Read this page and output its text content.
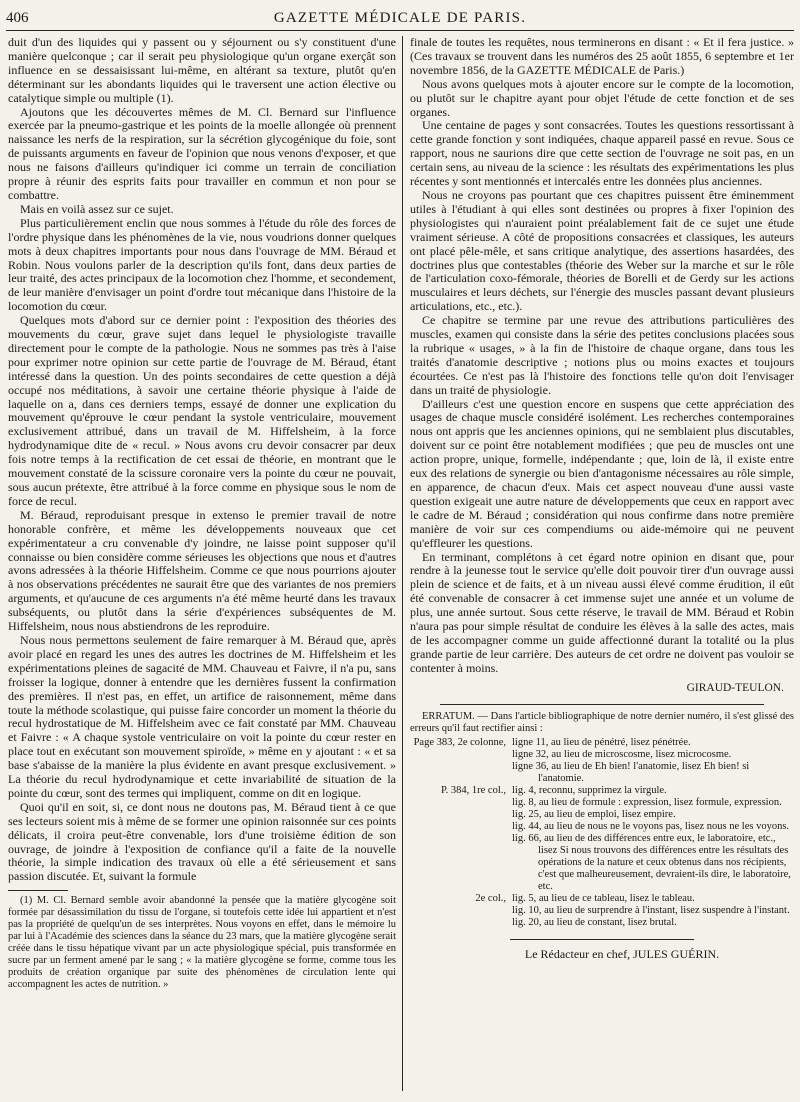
406	GAZETTE MÉDICALE DE PARIS.

duit d'un des liquides qui y passent ou y séjournent ou s'y constituent d'une manière quelconque ; car il serait peu physiologique qu'un organe exerçât son influence en se dessaisissant lui-même, en altérant sa texture, plutôt qu'en déterminant sur les abondants liquides qui le traversent une action élective ou catalytique simple ou multiple (1).

Ajoutons que les découvertes mêmes de M. Cl. Bernard sur l'influence exercée par la pneumo-gastrique et les points de la moelle allongée où prennent naissance les nerfs de la respiration, sur la sécrétion glycogénique du foie, sont de puissants arguments en faveur de l'opinion que nous venons d'exposer, et que nous ne faisons d'ailleurs qu'indiquer ici comme un terrain de conciliation propre à réunir des esprits faits pour travailler en commun et non pour se combattre.

Mais en voilà assez sur ce sujet.

Plus particulièrement enclin que nous sommes à l'étude du rôle des forces de l'ordre physique dans les phénomènes de la vie, nous voudrions donner quelques mots à deux chapitres importants pour nous dans l'ouvrage de MM. Béraud et Robin. Nous voulons parler de la description qu'ils font, dans deux parties de leur traité, des actes principaux de la locomotion chez l'homme, et secondement, de leur manière d'envisager un point d'ordre tout mécanique dans l'histoire de la locomotion du cœur.

Quelques mots d'abord sur ce dernier point : l'exposition des théories des mouvements du cœur, grave sujet dans lequel le physiologiste travaille directement pour le compte de la pathologie. Nous ne sommes pas très à l'aise pour exprimer notre opinion sur cette partie de l'ouvrage de M. Béraud, étant intéressé dans la question. Un des points secondaires de cette question a déjà occupé nos méditations, à savoir une certaine théorie physique à l'aide de laquelle on a, dans ces derniers temps, essayé de donner une explication du mouvement qu'éprouve le cœur pendant la systole ventriculaire, mouvement exclusivement attribué, dans un travail de M. Hiffelsheim, à la force hydrodynamique dite de « recul. » Nous avons cru devoir consacrer par deux fois notre temps à la rectification de cet essai de théorie, en montrant que le mouvement constaté de la scissure coronaire vers la pointe du cœur ne pouvait, sous aucun prétexte, être attribué à la force comme en physique sous le nom de force de recul.

M. Béraud, reproduisant presque in extenso le premier travail de notre honorable confrère, et même les développements nouveaux que cet expérimentateur a cru convenable d'y joindre, ne laisse point supposer qu'il connaisse ou bien considère comme sérieuses les objections que nous et d'autres avons adressées à la théorie Hiffelsheim. Comme ce que nous pourrions ajouter à nos observations précédentes ne saurait être que des variantes de nos premiers arguments, et qu'aucune de ces arguments n'a été même heurté dans les travaux subséquents, ou plutôt dans la série d'expériences subséquentes de M. Hiffelsheim, nous nous abstiendrons de les reproduire.

Nous nous permettons seulement de faire remarquer à M. Béraud que, après avoir placé en regard les unes des autres les doctrines de M. Hiffelsheim et les expérimentations pleines de sagacité de MM. Chauveau et Faivre, il n'a pu, sans froisser la logique, donner à entendre que les dernières fussent la confirmation des premières. Il n'est pas, en effet, un artifice de raisonnement, même dans toute la méthode scolastique, qui puisse faire concorder un moment la théorie du recul hydrostatique de M. Hiffelsheim avec ce fait constaté par MM. Chauveau et Faivre : « A chaque systole ventriculaire on voit la pointe du cœur rester en place tout en exécutant son mouvement spiroïde, » même en y ajoutant : « et sa base s'abaisse de la manière la plus évidente en avant presque exclusivement. » La théorie du recul hydrodynamique et cette invariabilité de situation de la pointe du cœur, sont des termes qui impliquent, comme on dit en logique.

Quoi qu'il en soit, si, ce dont nous ne doutons pas, M. Béraud tient à ce que ses lecteurs soient mis à même de se former une opinion raisonnée sur ces points délicats, il croira peut-être convenable, lors d'une troisième édition de son ouvrage, de joindre à l'exposition de confiance qu'il a faite de la nouvelle théorie, la simple indication des travaux où elle a été sérieusement et sans passion discutée. Et, suivant la formule

(1) M. Cl. Bernard semble avoir abandonné la pensée que la matière glycogène soit formée par désassimilation du tissu de l'organe, si toutefois cette idée lui appartient et n'est pas la propriété de quelqu'un de ses interprètes. Nous voyons en effet, dans le mémoire lu par lui à l'Académie des sciences dans la séance du 23 mars, que la matière glycogène serait créée dans le tissu hépatique vivant par un acte physiologique spécial, puis transformée en sucre par un ferment amené par le sang ; « la matière glycogène se forme, comme tous les produits de création organique par suite des phénomènes de circulation lente qui accompagnent les actes de nutrition. »

finale de toutes les requêtes, nous terminerons en disant : « Et il fera justice. » (Ces travaux se trouvent dans les numéros des 25 août 1855, 6 septembre et 1er novembre 1856, de la GAZETTE MÉDICALE de Paris.)

Nous avons quelques mots à ajouter encore sur le compte de la locomotion, ou plutôt sur le chapitre ayant pour objet l'étude de cette fonction et de ses organes.

Une centaine de pages y sont consacrées. Toutes les questions ressortissant à cette grande fonction y sont indiquées, chaque appareil passé en revue. Sous ce rapport, nous ne saurions dire que cette section de l'ouvrage ne soit pas, en un certain sens, au niveau de la science : les résultats des expérimentations les plus récentes y sont mentionnés et intercalés entre les données plus anciennes.

Nous ne croyons pas pourtant que ces chapitres puissent être éminemment utiles à l'étudiant à qui elles sont destinées ou propres à fixer l'opinion des physiologistes qui n'auraient point préalablement fait de ce sujet une étude vraiment sérieuse. A côté de propositions consacrées et classiques, les auteurs ont placé pêle-mêle, et sans critique analytique, des assertions hasardées, des doctrines plus que contestables (théorie des Weber sur la marche et sur le rôle de l'articulation coxo-fémorale, théories de Borelli et de Gerdy sur les actions musculaires et leurs déchets, sur l'énergie des muscles passant devant plusieurs articulations, etc., etc.).

Ce chapitre se termine par une revue des attributions particulières des muscles, examen qui consiste dans la série des petites conclusions placées sous la rubrique « usages, » à la fin de l'histoire de chaque organe, dans tous les traités d'anatomie descriptive ; notions plus ou moins exactes et toujours écourtées. Ce n'est pas là l'histoire des fonctions telle qu'on doit l'envisager dans un traité de physiologie.

D'ailleurs c'est une question encore en suspens que cette appréciation des usages de chaque muscle considéré isolément. Les recherches contemporaines nous ont appris que les anciennes opinions, qui ne semblaient plus discutables, doivent sur ce point être notablement modifiées ; que peu de muscles ont une action propre, unique, formelle, indépendante ; que, loin de là, il existe entre eux des relations de synergie ou bien d'antagonisme nécessaires au rôle simple, en apparence, de chacun d'eux. Mais cet aspect nouveau d'une aussi vaste question exigeait une autre nature de développements que ceux en rapport avec le cadre de M. Béraud ; considération qui nous confirme dans notre première manière de voir sur ces compendiums ou aide-mémoire qui ne peuvent qu'effleurer les questions.

En terminant, complétons à cet égard notre opinion en disant que, pour rendre à la jeunesse tout le service qu'elle doit pouvoir tirer d'un ouvrage aussi plein de science et de faits, et à un niveau aussi élevé comme érudition, il eût été convenable de consacrer à cet immense sujet une année et un volume de plus, une année surtout. Sous cette réserve, le travail de MM. Béraud et Robin n'aura pas pour simple résultat de conduire les élèves à la salle des actes, mais de les accompagner comme un guide affectionné durant la totalité ou la plus grande partie de leur carrière. Des auteurs de cet ordre ne doivent pas vouloir se contenter à moins.

GIRAUD-TEULON.

ERRATUM. — Dans l'article bibliographique de notre dernier numéro, il s'est glissé des erreurs qu'il faut rectifier ainsi :

Page 383, 2e colonne, ligne 11, au lieu de pénétré, lisez pénétrée.
ligne 32, au lieu de microscosme, lisez microcosme.
ligne 36, au lieu de Eh bien! l'anatomie, lisez Eh bien! si l'anatomie.
P. 384, 1re col., lig. 4, reconnu, supprimez la virgule.
lig. 8, au lieu de formule : expression, lisez formule, expression.
lig. 25, au lieu de emploi, lisez empire.
lig. 44, au lieu de nous ne le voyons pas, lisez nous ne les voyons.
lig. 66, au lieu de des différences entre eux, le laboratoire, etc., lisez Si nous trouvons des différences entre les résultats des opérations de la nature et ceux obtenus dans nos récipients, c'est que malheureusement, devraient-ils dire, le laboratoire, etc.
2e col., lig. 5, au lieu de ce tableau, lisez le tableau.
lig. 10, au lieu de surprendre à l'instant, lisez suspendre à l'instant.
lig. 20, au lieu de constant, lisez brutal.
Le Rédacteur en chef, JULES GUÉRIN.
